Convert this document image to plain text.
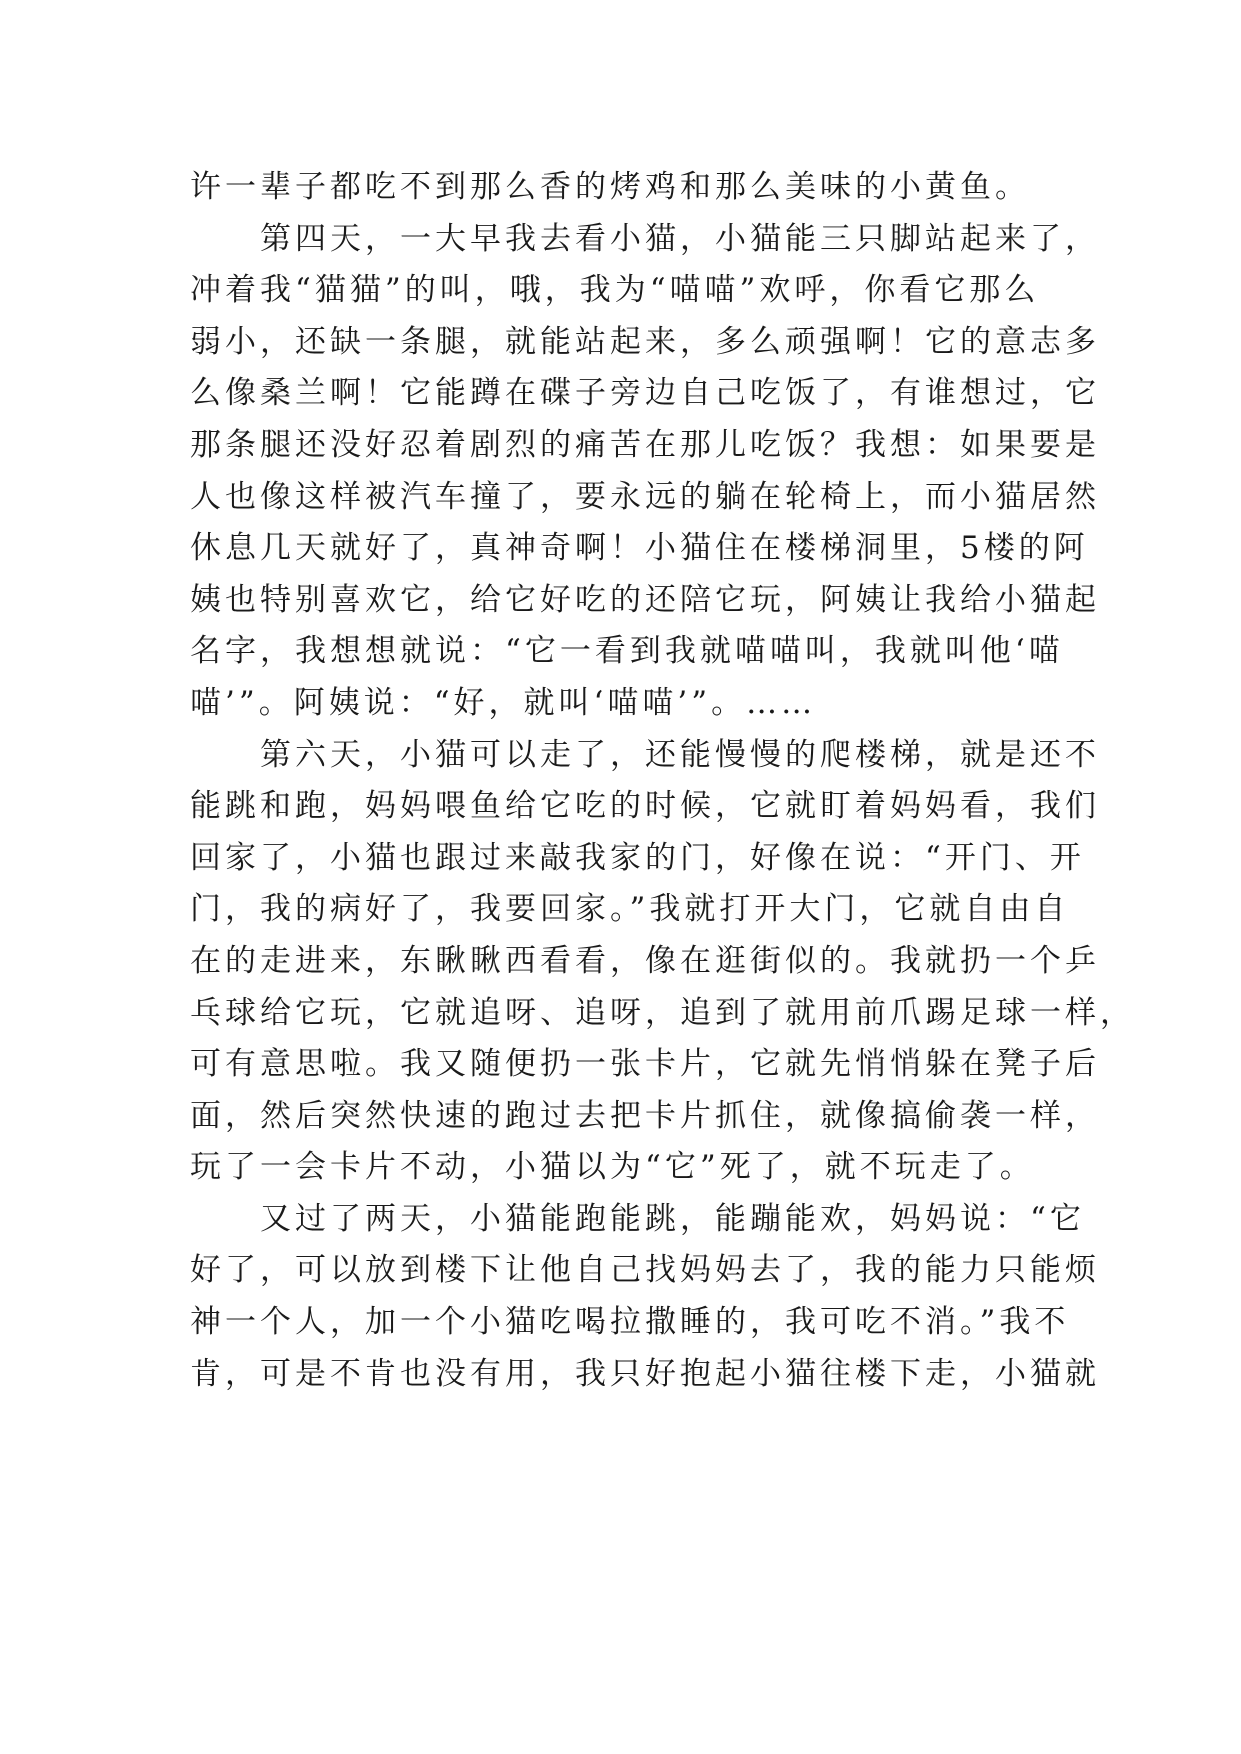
许一辈子都吃不到那么香的烤鸡和那么美味的小黄鱼。
第四天，一大早我去看小猫，小猫能三只脚站起来了，
冲着我“猫猫”的叫，哦，我为“喵喵”欢呼，你看它那么
弱小，还缺一条腿，就能站起来，多么顽强啊！它的意志多
么像桑兰啊！它能蹲在碟子旁边自己吃饭了，有谁想过，它
那条腿还没好忍着剧烈的痛苦在那儿吃饭？我想：如果要是
人也像这样被汽车撞了，要永远的躺在轮椅上，而小猫居然
休息几天就好了，真神奇啊！小猫住在楼梯洞里，5楼的阿
姨也特别喜欢它，给它好吃的还陪它玩，阿姨让我给小猫起
名字，我想想就说：“它一看到我就喵喵叫，我就叫他‘喵
喵’”。阿姨说：“好，就叫‘喵喵’”。……
第六天，小猫可以走了，还能慢慢的爬楼梯，就是还不
能跳和跑，妈妈喂鱼给它吃的时候，它就盯着妈妈看，我们
回家了，小猫也跟过来敲我家的门，好像在说：“开门、开
门，我的病好了，我要回家。”我就打开大门，它就自由自
在的走进来，东瞅瞅西看看，像在逛街似的。我就扔一个乒
乓球给它玩，它就追呀、追呀，追到了就用前爪踢足球一样，
可有意思啦。我又随便扔一张卡片，它就先悄悄躲在凳子后
面，然后突然快速的跑过去把卡片抓住，就像搞偷袭一样，
玩了一会卡片不动，小猫以为“它”死了，就不玩走了。
又过了两天，小猫能跑能跳，能蹦能欢，妈妈说：“它
好了，可以放到楼下让他自己找妈妈去了，我的能力只能烦
神一个人，加一个小猫吃喝拉撒睡的，我可吃不消。”我不
肯，可是不肯也没有用，我只好抱起小猫往楼下走，小猫就
